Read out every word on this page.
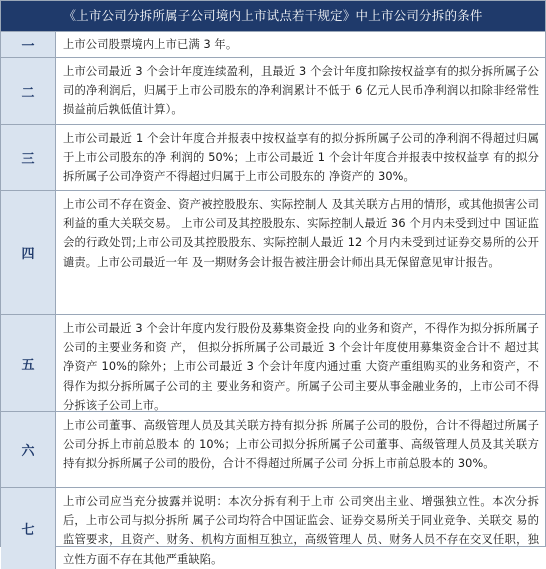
《上市公司分拆所属子公司境内上市试点若干规定》中上市公司分拆的条件
一	上市公司股票境内上市已满 3 年。
二
上市公司最近 3 个会计年度连续盈利，且最近 3 个会计年度扣除按权益享有的拟分拆所属子公司的净利润后，归属于上市公司股东的净利润累计不低于 6 亿元人民币净利润以扣除非经常性损益前后孰低值计算）。
三
上市公司最近 1 个会计年度合并报表中按权益享有的拟分拆所属子公司的净利润不得超过归属于上市公司股东的净 利润的 50%；上市公司最近 1 个会计年度合并报表中按权益享 有的拟分拆所属子公司净资产不得超过归属于上市公司股东的 净资产的 30%。
四
上市公司不存在资金、资产被控股股东、实际控制人 及其关联方占用的情形，或其他损害公司利益的重大关联交易。 上市公司及其控股股东、实际控制人最近 36 个月内未受到过中 国证监会的行政处罚;上市公司及其控股股东、实际控制人最近 12 个月内未受到过证券交易所的公开谴责。上市公司最近一年 及一期财务会计报告被注册会计师出具无保留意见审计报告。
五
上市公司最近 3 个会计年度内发行股份及募集资金投 向的业务和资产，不得作为拟分拆所属子公司的主要业务和资 产， 但拟分拆所属子公司最近 3 个会计年度使用募集资金合计不 超过其净资产 10%的除外；上市公司最近 3 个会计年度内通过重 大资产重组购买的业务和资产，不得作为拟分拆所属子公司的主 要业务和资产。所属子公司主要从事金融业务的，上市公司不得 分拆该子公司上市。
六
上市公司董事、高级管理人员及其关联方持有拟分拆 所属子公司的股份，合计不得超过所属子公司分拆上市前总股本 的 10%；上市公司拟分拆所属子公司董事、高级管理人员及其关联方持有拟分拆所属子公司的股份，合计不得超过所属子公司 分拆上市前总股本的 30%。
七
上市公司应当充分披露并说明：本次分拆有利于上市 公司突出主业、增强独立性。本次分拆后，上市公司与拟分拆所 属子公司均符合中国证监会、证券交易所关于同业竞争、关联交 易的监管要求，且资产、财务、机构方面相互独立，高级管理人 员、财务人员不存在交叉任职，独立性方面不存在其他严重缺陷。
